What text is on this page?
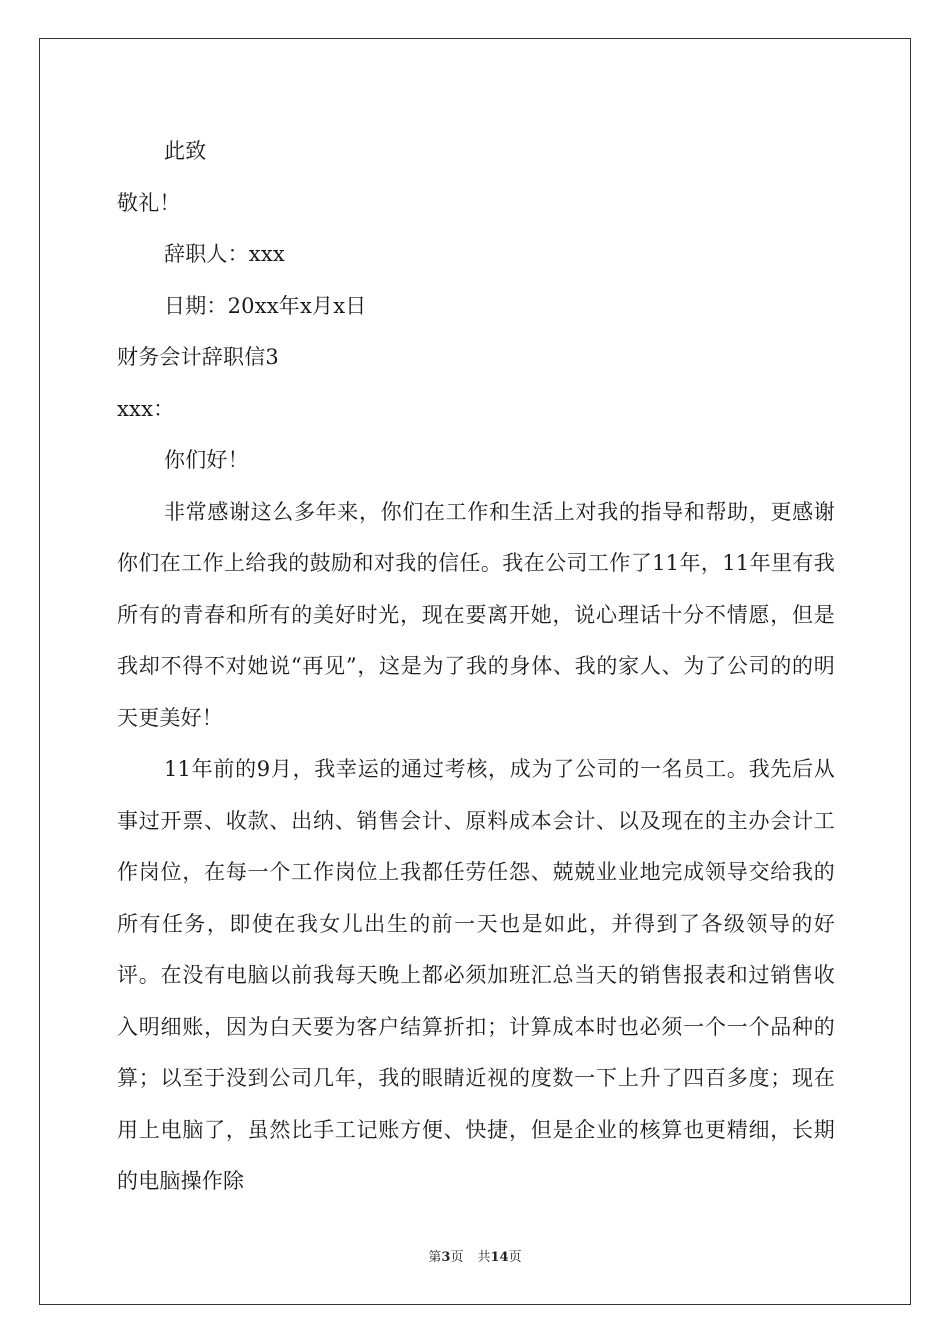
此致
敬礼！
辞职人：xxx
日期：20xx年x月x日
财务会计辞职信3
xxx：
你们好！
非常感谢这么多年来，你们在工作和生活上对我的指导和帮助，更感谢你们在工作上给我的鼓励和对我的信任。我在公司工作了11年，11年里有我所有的青春和所有的美好时光，现在要离开她，说心理话十分不情愿，但是我却不得不对她说“再见”，这是为了我的身体、我的家人、为了公司的的明天更美好！
11年前的9月，我幸运的通过考核，成为了公司的一名员工。我先后从事过开票、收款、出纳、销售会计、原料成本会计、以及现在的主办会计工作岗位，在每一个工作岗位上我都任劳任怨、兢兢业业地完成领导交给我的所有任务，即使在我女儿出生的前一天也是如此，并得到了各级领导的好评。在没有电脑以前我每天晚上都必须加班汇总当天的销售报表和过销售收入明细账，因为白天要为客户结算折扣；计算成本时也必须一个一个品种的算；以至于没到公司几年，我的眼睛近视的度数一下上升了四百多度；现在用上电脑了，虽然比手工记账方便、快捷，但是企业的核算也更精细，长期的电脑操作除
第3页 共14页
